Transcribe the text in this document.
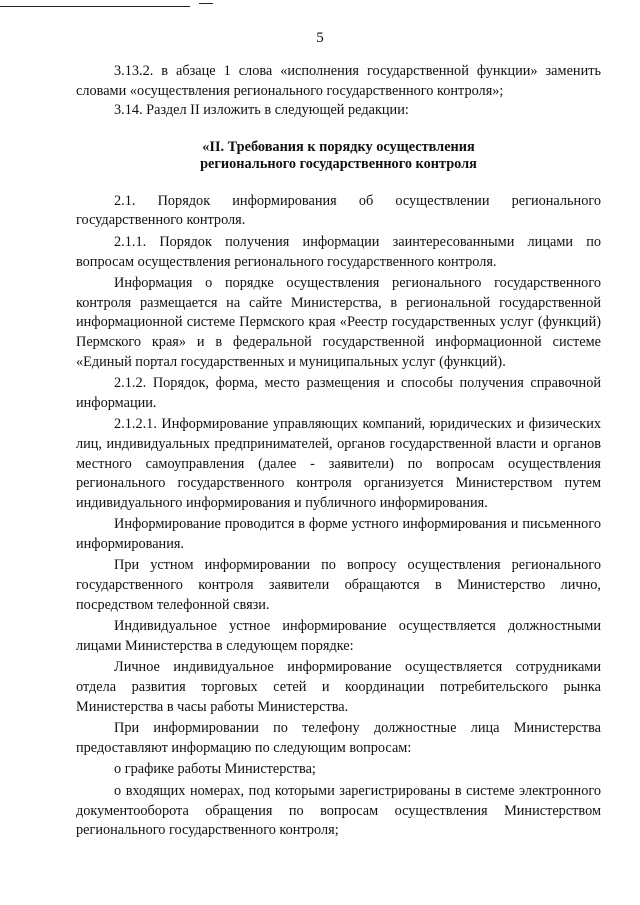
5

3.13.2. в абзаце 1 слова «исполнения государственной функции» заменить словами «осуществления регионального государственного контроля»;

3.14. Раздел II изложить в следующей редакции:

«II. Требования к порядку осуществления
регионального государственного контроля

2.1. Порядок информирования об осуществлении регионального государственного контроля.

2.1.1. Порядок получения информации заинтересованными лицами по вопросам осуществления регионального государственного контроля.

Информация о порядке осуществления регионального государственного контроля размещается на сайте Министерства, в региональной государственной информационной системе Пермского края «Реестр государственных услуг (функций) Пермского края» и в федеральной государственной информационной системе «Единый портал государственных и муниципальных услуг (функций).

2.1.2. Порядок, форма, место размещения и способы получения справочной информации.

2.1.2.1. Информирование управляющих компаний, юридических и физических лиц, индивидуальных предпринимателей, органов государственной власти и органов местного самоуправления (далее - заявители) по вопросам осуществления регионального государственного контроля организуется Министерством путем индивидуального информирования и публичного информирования.

Информирование проводится в форме устного информирования и письменного информирования.

При устном информировании по вопросу осуществления регионального государственного контроля заявители обращаются в Министерство лично, посредством телефонной связи.

Индивидуальное устное информирование осуществляется должностными лицами Министерства в следующем порядке:

Личное индивидуальное информирование осуществляется сотрудниками отдела развития торговых сетей и координации потребительского рынка Министерства в часы работы Министерства.

При информировании по телефону должностные лица Министерства предоставляют информацию по следующим вопросам:

о графике работы Министерства;

о входящих номерах, под которыми зарегистрированы в системе электронного документооборота обращения по вопросам осуществления Министерством регионального государственного контроля;
